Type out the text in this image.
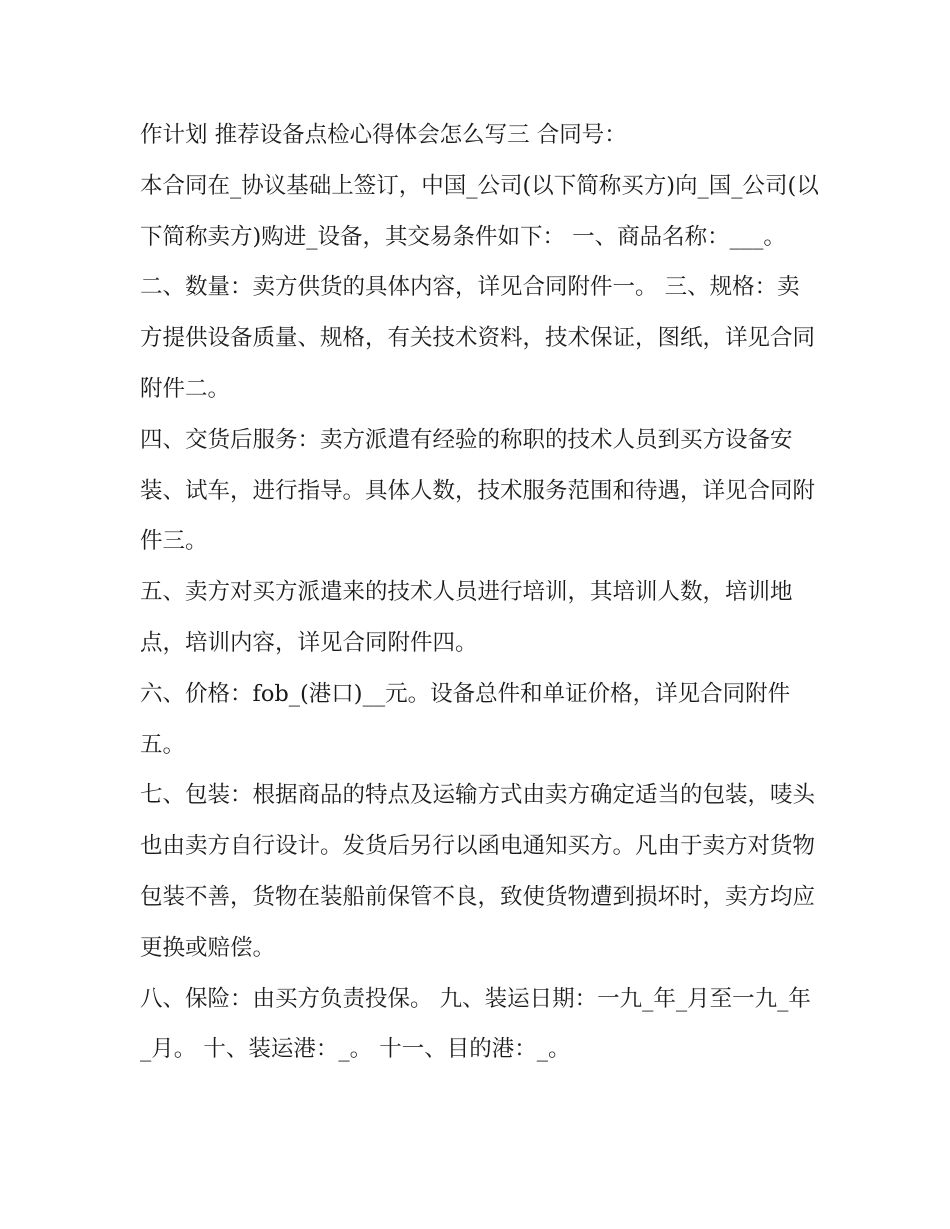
作计划 推荐设备点检心得体会怎么写三 合同号：

本合同在_协议基础上签订，中国_公司(以下简称买方)向_国_公司(以下简称卖方)购进_设备，其交易条件如下： 一、商品名称：___。

二、数量：卖方供货的具体内容，详见合同附件一。 三、规格：卖方提供设备质量、规格，有关技术资料，技术保证，图纸，详见合同附件二。

四、交货后服务：卖方派遣有经验的称职的技术人员到买方设备安装、试车，进行指导。具体人数，技术服务范围和待遇，详见合同附件三。

五、卖方对买方派遣来的技术人员进行培训，其培训人数，培训地点，培训内容，详见合同附件四。

六、价格：fob_(港口)__元。设备总件和单证价格，详见合同附件五。

七、包装：根据商品的特点及运输方式由卖方确定适当的包装，唛头也由卖方自行设计。发货后另行以函电通知买方。凡由于卖方对货物包装不善，货物在装船前保管不良，致使货物遭到损坏时，卖方均应更换或赔偿。

八、保险：由买方负责投保。 九、装运日期：一九_年_月至一九_年_月。 十、装运港：_。 十一、目的港：_。
